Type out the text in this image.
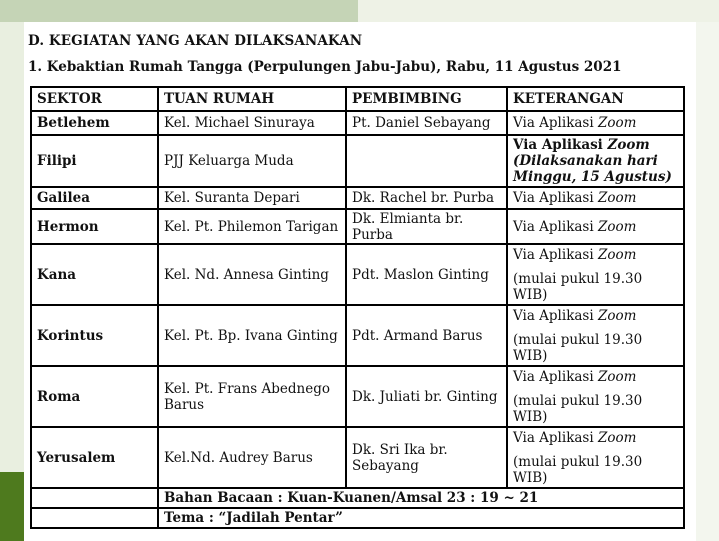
D. KEGIATAN YANG AKAN DILAKSANAKAN
1. Kebaktian Rumah Tangga (Perpulungen Jabu-Jabu), Rabu, 11 Agustus 2021
SEKTOR	TUAN RUMAH	PEMBIMBING	KETERANGAN
Betlehem	Kel. Michael Sinuraya	Pt. Daniel Sebayang	Via Aplikasi Zoom
Filipi	PJJ Keluarga Muda		Via Aplikasi Zoom
(Dilaksanakan hari Minggu, 15 Agustus)
Galilea	Kel. Suranta Depari	Dk. Rachel br. Purba	Via Aplikasi Zoom
Hermon	Kel. Pt. Philemon Tarigan	Dk. Elmianta br. Purba	Via Aplikasi Zoom
Kana	Kel. Nd. Annesa Ginting	Pdt. Maslon Ginting	Via Aplikasi Zoom
(mulai pukul 19.30 WIB)
Korintus	Kel. Pt. Bp. Ivana Ginting	Pdt. Armand Barus	Via Aplikasi Zoom
(mulai pukul 19.30 WIB)
Roma	Kel. Pt. Frans Abednego Barus	Dk. Juliati br. Ginting	Via Aplikasi Zoom
(mulai pukul 19.30 WIB)
Yerusalem	Kel.Nd. Audrey Barus	Dk. Sri Ika br. Sebayang	Via Aplikasi Zoom
(mulai pukul 19.30 WIB)
	Bahan Bacaan : Kuan-Kuanen/Amsal 23 : 19 ~ 21		
	Tema : “Jadilah Pentar”		
